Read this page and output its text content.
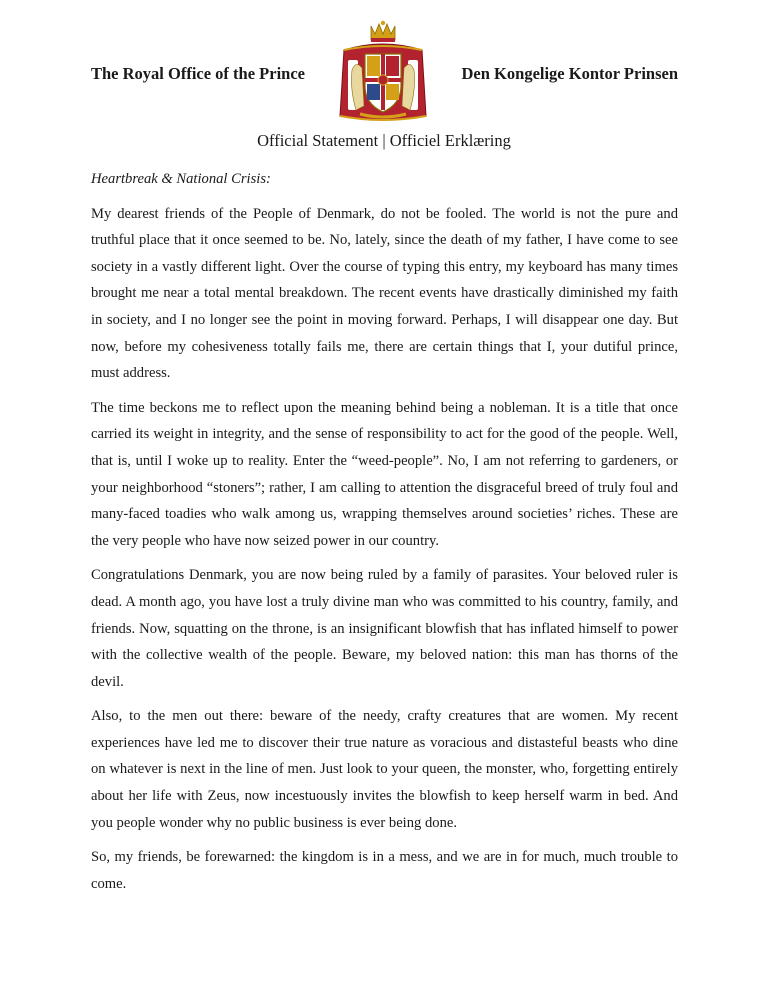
The Royal Office of the Prince	Den Kongelige Kontor Prinsen
Official Statement | Officiel Erklæring

Heartbreak & National Crisis:

My dearest friends of the People of Denmark, do not be fooled. The world is not the pure and truthful place that it once seemed to be. No, lately, since the death of my father, I have come to see society in a vastly different light. Over the course of typing this entry, my keyboard has many times brought me near a total mental breakdown. The recent events have drastically diminished my faith in society, and I no longer see the point in moving forward. Perhaps, I will disappear one day. But now, before my cohesiveness totally fails me, there are certain things that I, your dutiful prince, must address.

The time beckons me to reflect upon the meaning behind being a nobleman. It is a title that once carried its weight in integrity, and the sense of responsibility to act for the good of the people. Well, that is, until I woke up to reality. Enter the “weed-people”. No, I am not referring to gardeners, or your neighborhood “stoners”; rather, I am calling to attention the disgraceful breed of truly foul and many-faced toadies who walk among us, wrapping themselves around societies’ riches. These are the very people who have now seized power in our country.

Congratulations Denmark, you are now being ruled by a family of parasites. Your beloved ruler is dead. A month ago, you have lost a truly divine man who was committed to his country, family, and friends. Now, squatting on the throne, is an insignificant blowfish that has inflated himself to power with the collective wealth of the people. Beware, my beloved nation: this man has thorns of the devil.

Also, to the men out there: beware of the needy, crafty creatures that are women. My recent experiences have led me to discover their true nature as voracious and distasteful beasts who dine on whatever is next in the line of men. Just look to your queen, the monster, who, forgetting entirely about her life with Zeus, now incestuously invites the blowfish to keep herself warm in bed. And you people wonder why no public business is ever being done.

So, my friends, be forewarned: the kingdom is in a mess, and we are in for much, much trouble to come.
